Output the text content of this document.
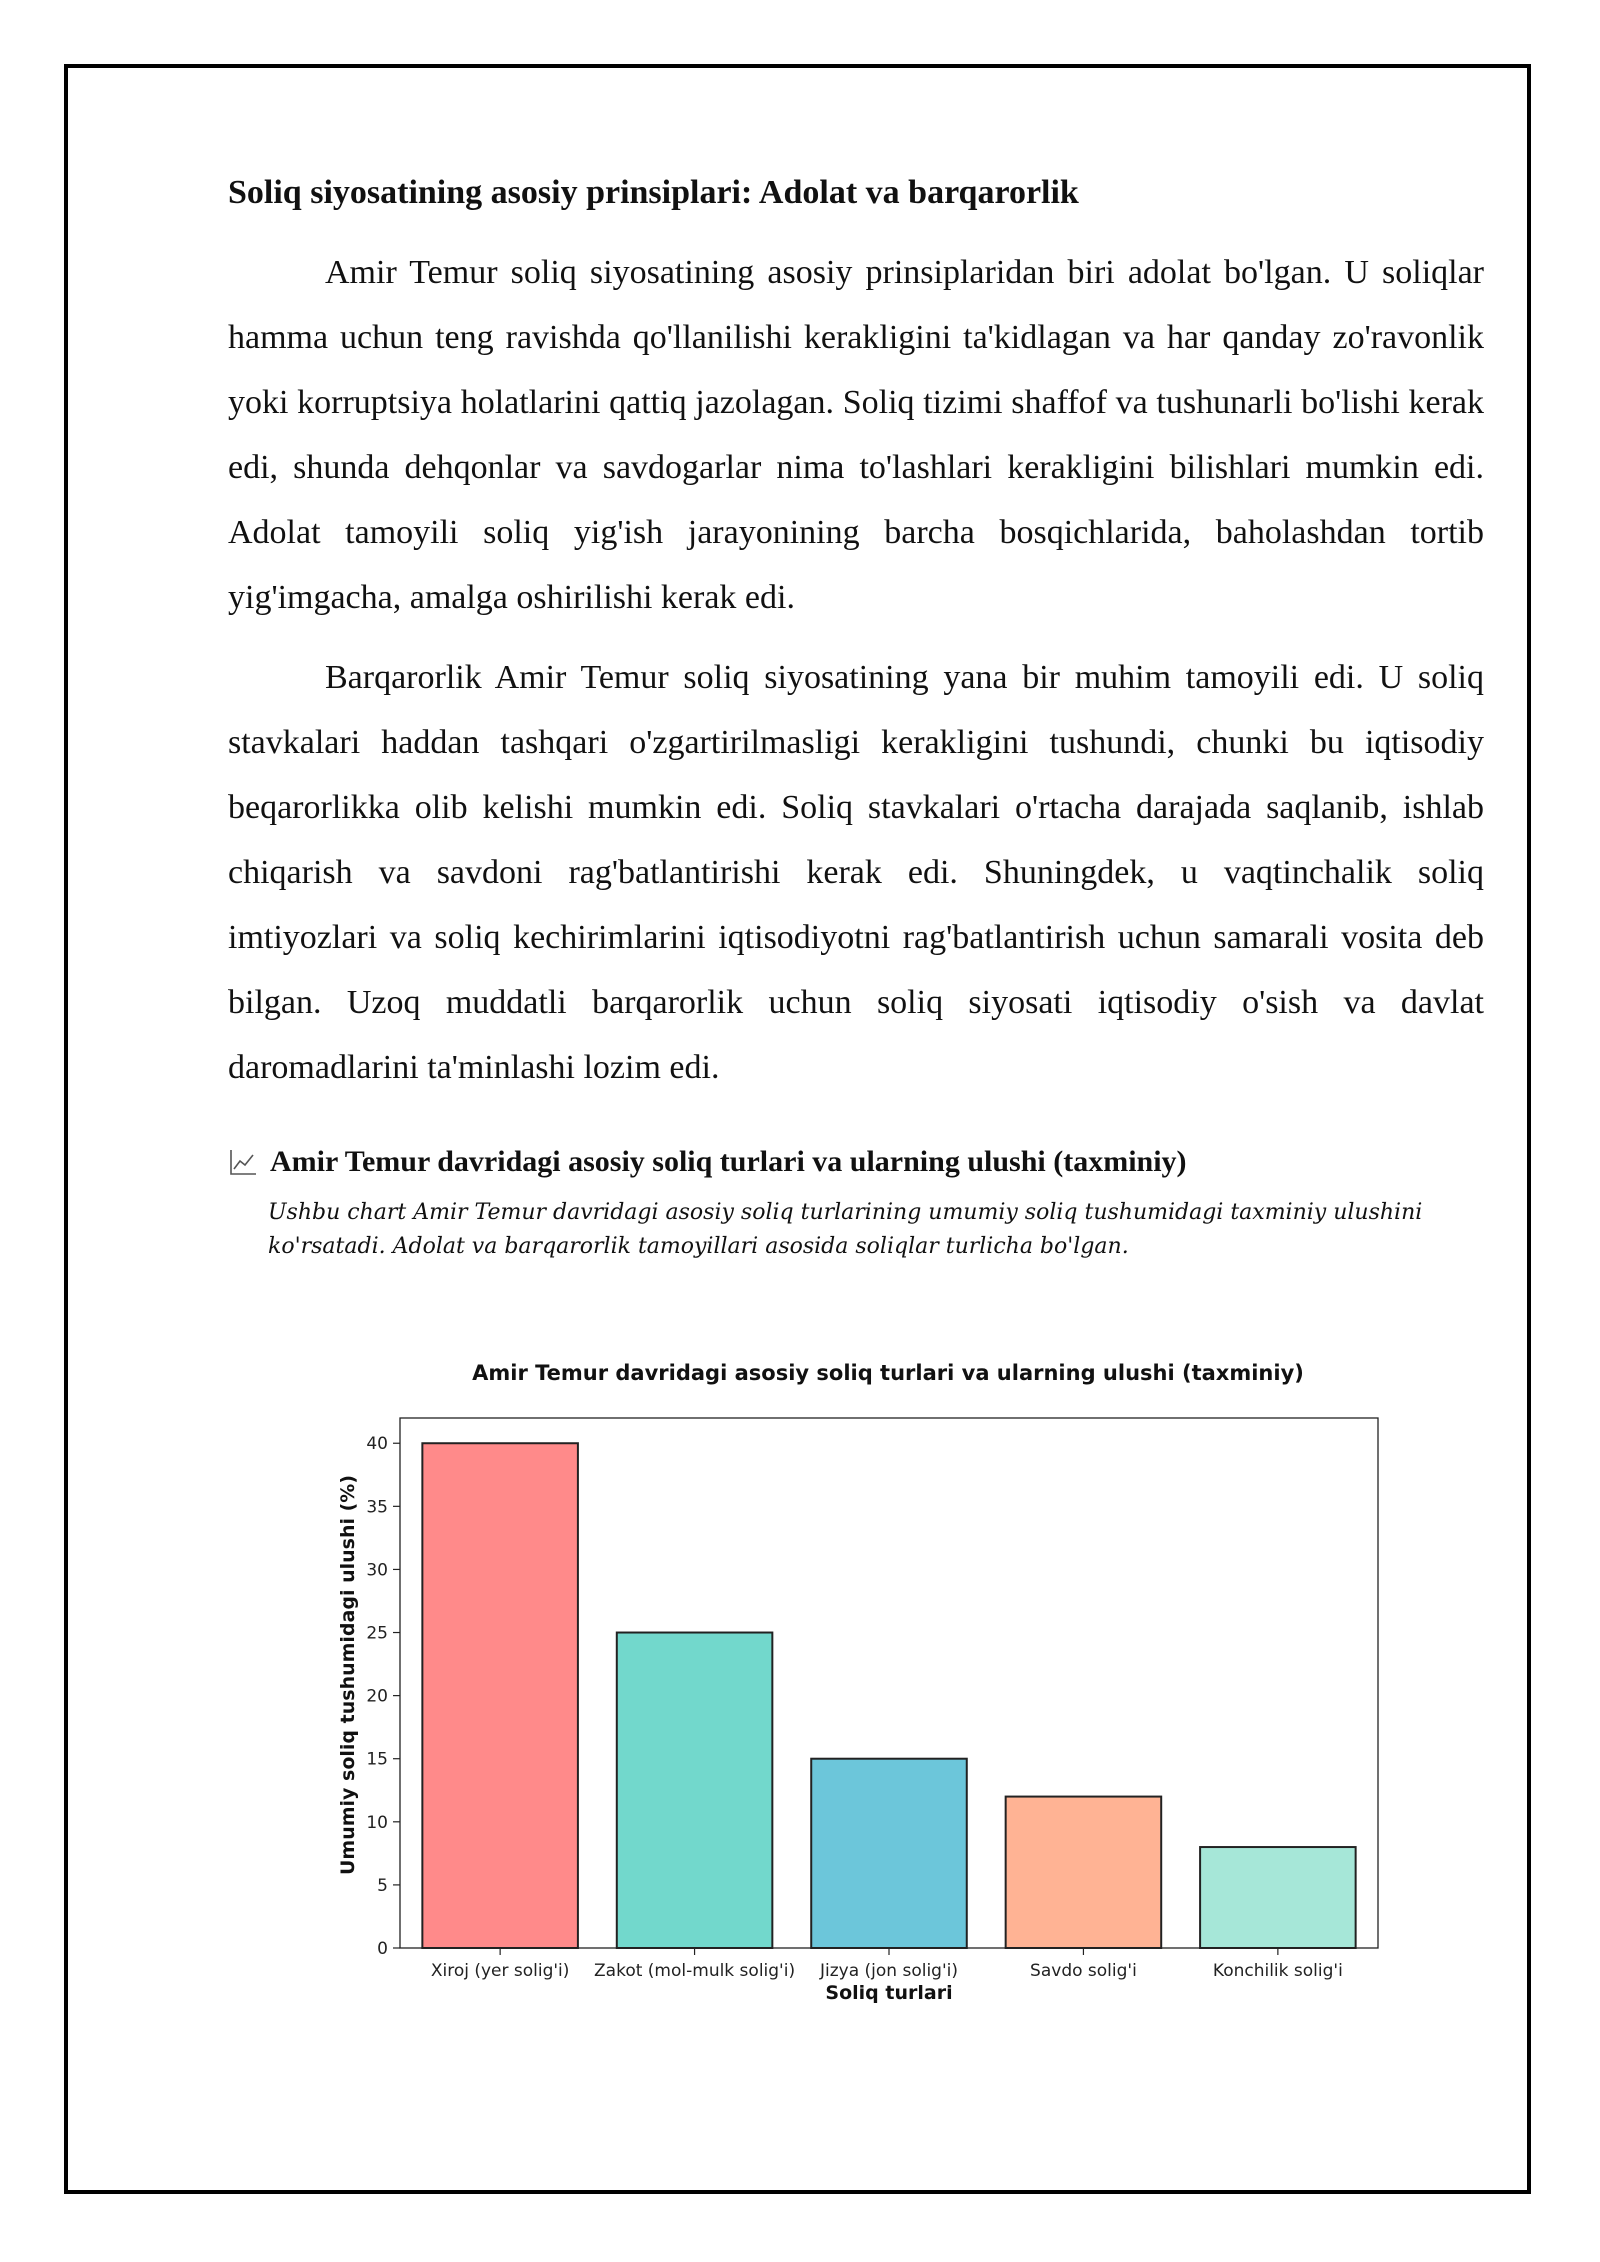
Soliq siyosatining asosiy prinsiplari: Adolat va barqarorlik

Amir Temur soliq siyosatining asosiy prinsiplaridan biri adolat bo'lgan. U soliqlar hamma uchun teng ravishda qo'llanilishi kerakligini ta'kidlagan va har qanday zo'ravonlik yoki korruptsiya holatlarini qattiq jazolagan. Soliq tizimi shaffof va tushunarli bo'lishi kerak edi, shunda dehqonlar va savdogarlar nima to'lashlari kerakligini bilishlari mumkin edi. Adolat tamoyili soliq yig'ish jarayonining barcha bosqichlarida, baholashdan tortib yig'imgacha, amalga oshirilishi kerak edi.

Barqarorlik Amir Temur soliq siyosatining yana bir muhim tamoyili edi. U soliq stavkalari haddan tashqari o'zgartirilmasligi kerakligini tushundi, chunki bu iqtisodiy beqarorlikka olib kelishi mumkin edi. Soliq stavkalari o'rtacha darajada saqlanib, ishlab chiqarish va savdoni rag'batlantirishi kerak edi. Shuningdek, u vaqtinchalik soliq imtiyozlari va soliq kechirimlarini iqtisodiyotni rag'batlantirish uchun samarali vosita deb bilgan. Uzoq muddatli barqarorlik uchun soliq siyosati iqtisodiy o'sish va davlat daromadlarini ta'minlashi lozim edi.

Amir Temur davridagi asosiy soliq turlari va ularning ulushi (taxminiy)
Ushbu chart Amir Temur davridagi asosiy soliq turlarining umumiy soliq tushumidagi taxminiy ulushini ko'rsatadi. Adolat va barqarorlik tamoyillari asosida soliqlar turlicha bo'lgan.
Amir Temur davridagi asosiy soliq turlari va ularning ulushi (taxminiy)
Umumiy soliq tushumidagi ulushi (%)
Soliq turlari
0
5
10
15
20
25
30
35
40
Xiroj (yer solig'i) Zakot (mol-mulk solig'i) Jizya (jon solig'i)	Savdo solig'i	Konchilik solig'i
